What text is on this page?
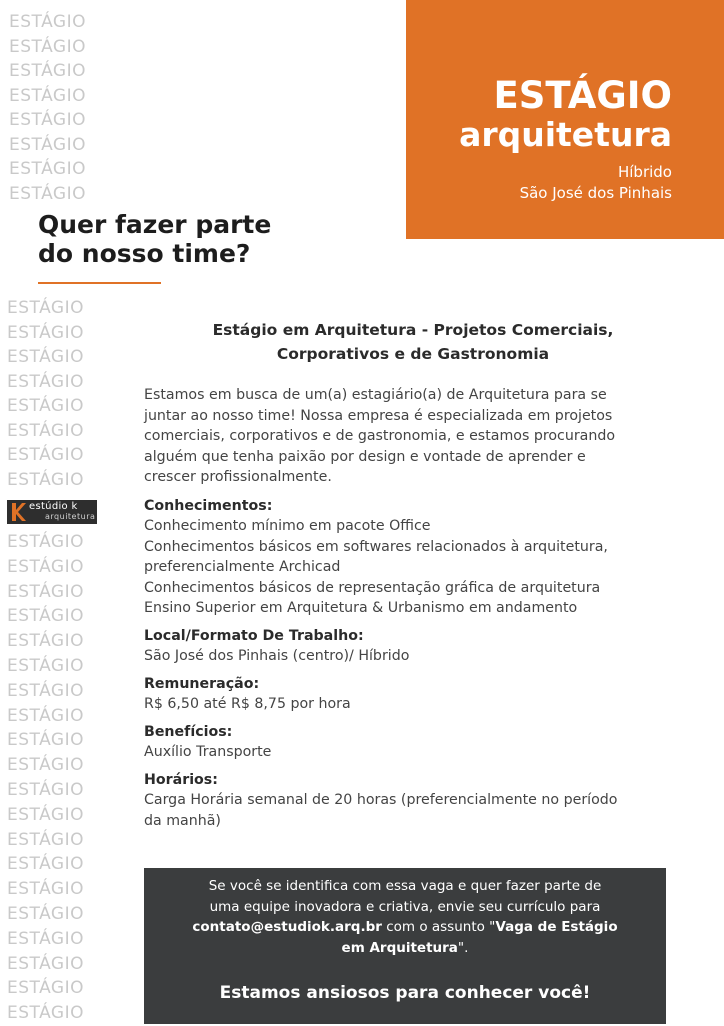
ESTÁGIO
ESTÁGIO
ESTÁGIO
ESTÁGIO
ESTÁGIO
ESTÁGIO
ESTÁGIO
ESTÁGIO
ESTÁGIO
ESTÁGIO
ESTÁGIO
ESTÁGIO
ESTÁGIO
ESTÁGIO
ESTÁGIO
ESTÁGIO
ESTÁGIO
ESTÁGIO
ESTÁGIO
ESTÁGIO
ESTÁGIO
ESTÁGIO
ESTÁGIO
ESTÁGIO
ESTÁGIO
ESTÁGIO
ESTÁGIO
ESTÁGIO
ESTÁGIO
ESTÁGIO
ESTÁGIO
ESTÁGIO
ESTÁGIO
ESTÁGIO
ESTÁGIO
ESTÁGIO
ESTÁGIO
arquitetura
Híbrido
São José dos Pinhais
Quer fazer parte
do nosso time?
estúdio k
arquitetura
Estágio em Arquitetura - Projetos Comerciais,
Corporativos e de Gastronomia

Estamos em busca de um(a) estagiário(a) de Arquitetura para se
juntar ao nosso time! Nossa empresa é especializada em projetos
comerciais, corporativos e de gastronomia, e estamos procurando
alguém que tenha paixão por design e vontade de aprender e
crescer profissionalmente.

Conhecimentos:
Conhecimento mínimo em pacote Office
Conhecimentos básicos em softwares relacionados à arquitetura,
preferencialmente Archicad
Conhecimentos básicos de representação gráfica de arquitetura
Ensino Superior em Arquitetura & Urbanismo em andamento
Local/Formato De Trabalho:
São José dos Pinhais (centro)/ Híbrido
Remuneração:
R$ 6,50 até R$ 8,75 por hora
Benefícios:
Auxílio Transporte
Horários:
Carga Horária semanal de 20 horas (preferencialmente no período
da manhã)
Se você se identifica com essa vaga e quer fazer parte de
uma equipe inovadora e criativa, envie seu currículo para
contato@estudiok.arq.br com o assunto "Vaga de Estágio
em Arquitetura".
Estamos ansiosos para conhecer você!
